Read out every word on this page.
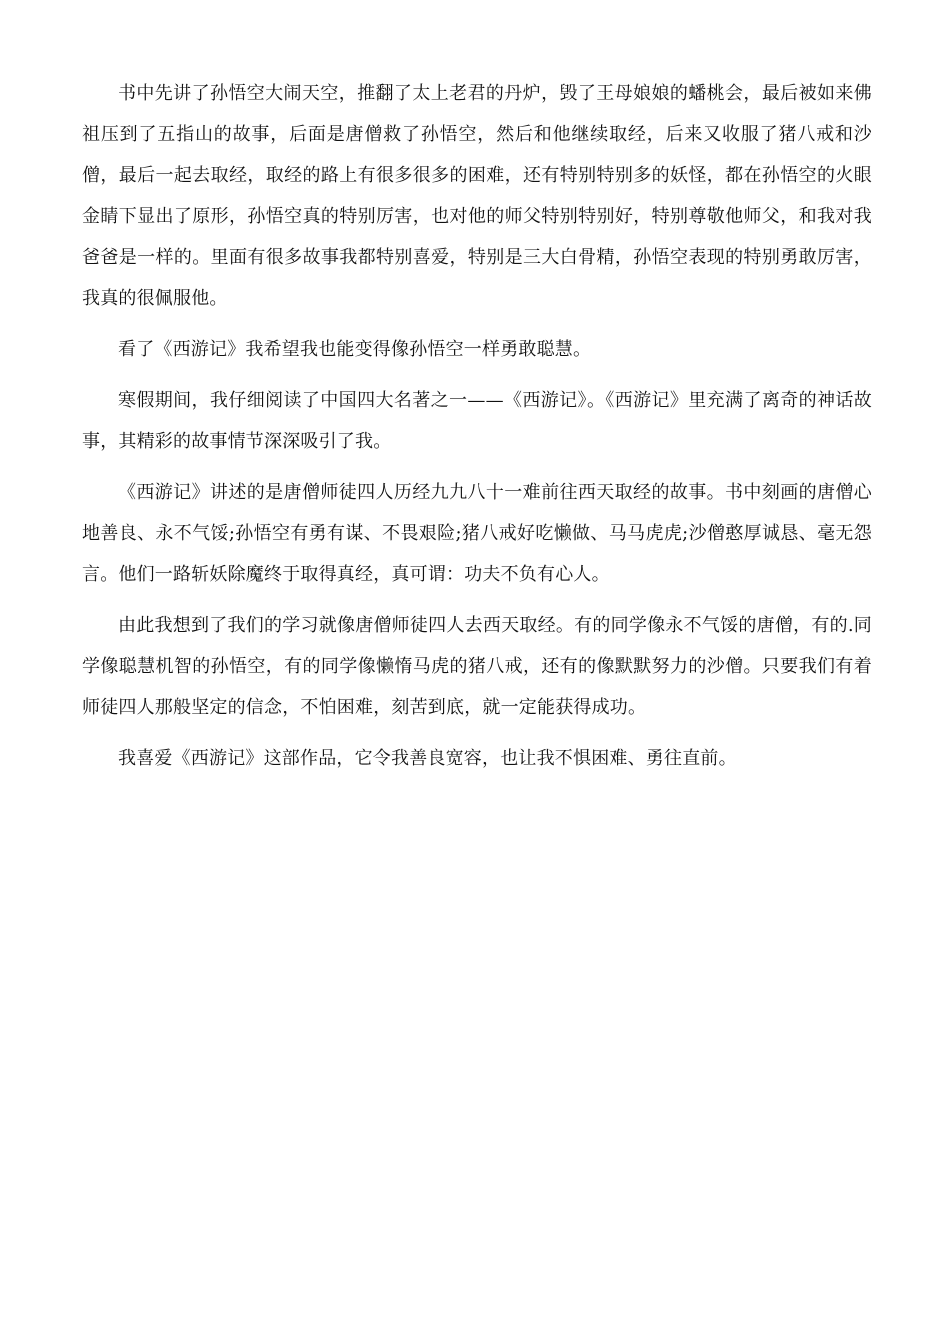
书中先讲了孙悟空大闹天空，推翻了太上老君的丹炉，毁了王母娘娘的蟠桃会，最后被如来佛祖压到了五指山的故事，后面是唐僧救了孙悟空，然后和他继续取经，后来又收服了猪八戒和沙僧，最后一起去取经，取经的路上有很多很多的困难，还有特别特别多的妖怪，都在孙悟空的火眼金睛下显出了原形，孙悟空真的特别厉害，也对他的师父特别特别好，特别尊敬他师父，和我对我爸爸是一样的。里面有很多故事我都特别喜爱，特别是三大白骨精，孙悟空表现的特别勇敢厉害，我真的很佩服他。

看了《西游记》我希望我也能变得像孙悟空一样勇敢聪慧。

寒假期间，我仔细阅读了中国四大名著之一——《西游记》。《西游记》里充满了离奇的神话故事，其精彩的故事情节深深吸引了我。

《西游记》讲述的是唐僧师徒四人历经九九八十一难前往西天取经的故事。书中刻画的唐僧心地善良、永不气馁;孙悟空有勇有谋、不畏艰险;猪八戒好吃懒做、马马虎虎;沙僧憨厚诚恳、毫无怨言。他们一路斩妖除魔终于取得真经，真可谓：功夫不负有心人。

由此我想到了我们的学习就像唐僧师徒四人去西天取经。有的同学像永不气馁的唐僧，有的.同学像聪慧机智的孙悟空，有的同学像懒惰马虎的猪八戒，还有的像默默努力的沙僧。只要我们有着师徒四人那般坚定的信念，不怕困难，刻苦到底，就一定能获得成功。

我喜爱《西游记》这部作品，它令我善良宽容，也让我不惧困难、勇往直前。
